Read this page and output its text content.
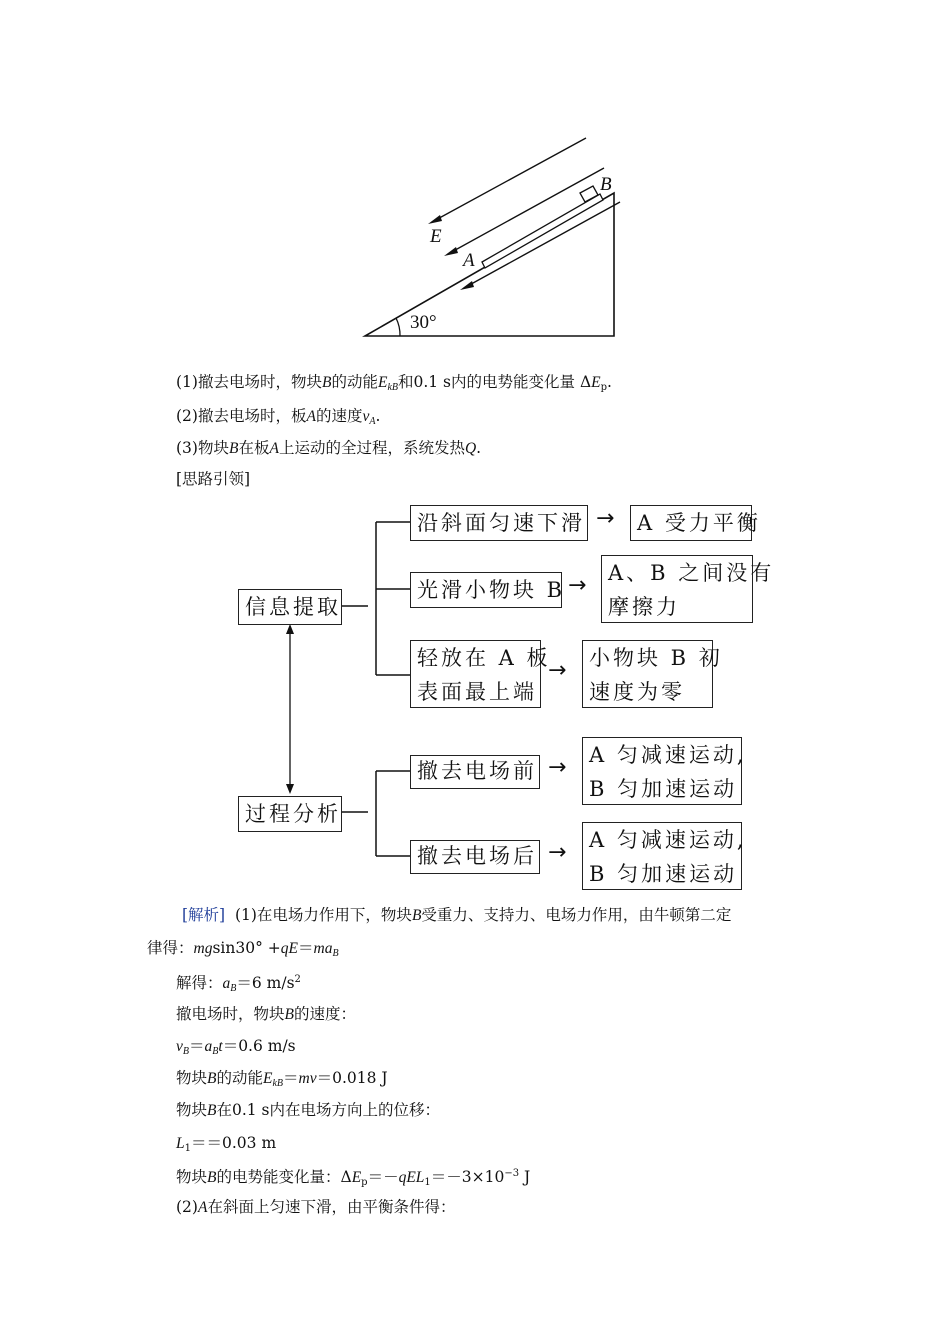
B
E
A
30°
(1)撤去电场时，物块B的动能$E_{kB}$和0.1 s内的电势能变化量 $\Delta E_p$.
(2)撤去电场时，板A的速度$v_A$.
(3)物块B在板A上运动的全过程，系统发热Q.
[思路引领]
信息提取
过程分析
沿斜面匀速下滑 →	A 受力平衡
光滑小物块 B → A、B 之间没有
摩擦力
轻放在 A 板
表面最上端
→ 小物块 B 初
速度为零
撤去电场前 → A 匀减速运动,
B 匀加速运动
撤去电场后 → A 匀减速运动,
B 匀加速运动
[解析] (1)在电场力作用下，物块B受重力、支持力、电场力作用，由牛顿第二定
律得：$mgsin30^\circ +qE=ma_B$
解得：$a_B=6$ $m/s^2$
撤电场时，物块B的速度：
$v_B=a_Bt=0.6$ m/s
物块B的动能$E_{kB}=mv=0.018$ J
物块B在0.1 s内在电场方向上的位移：
$L_1==0.03$ m
物块B的电势能变化量：$\Delta E_p=-qEL_1=-3\times 10^{-3}$ J
(2)A在斜面上匀速下滑，由平衡条件得：
